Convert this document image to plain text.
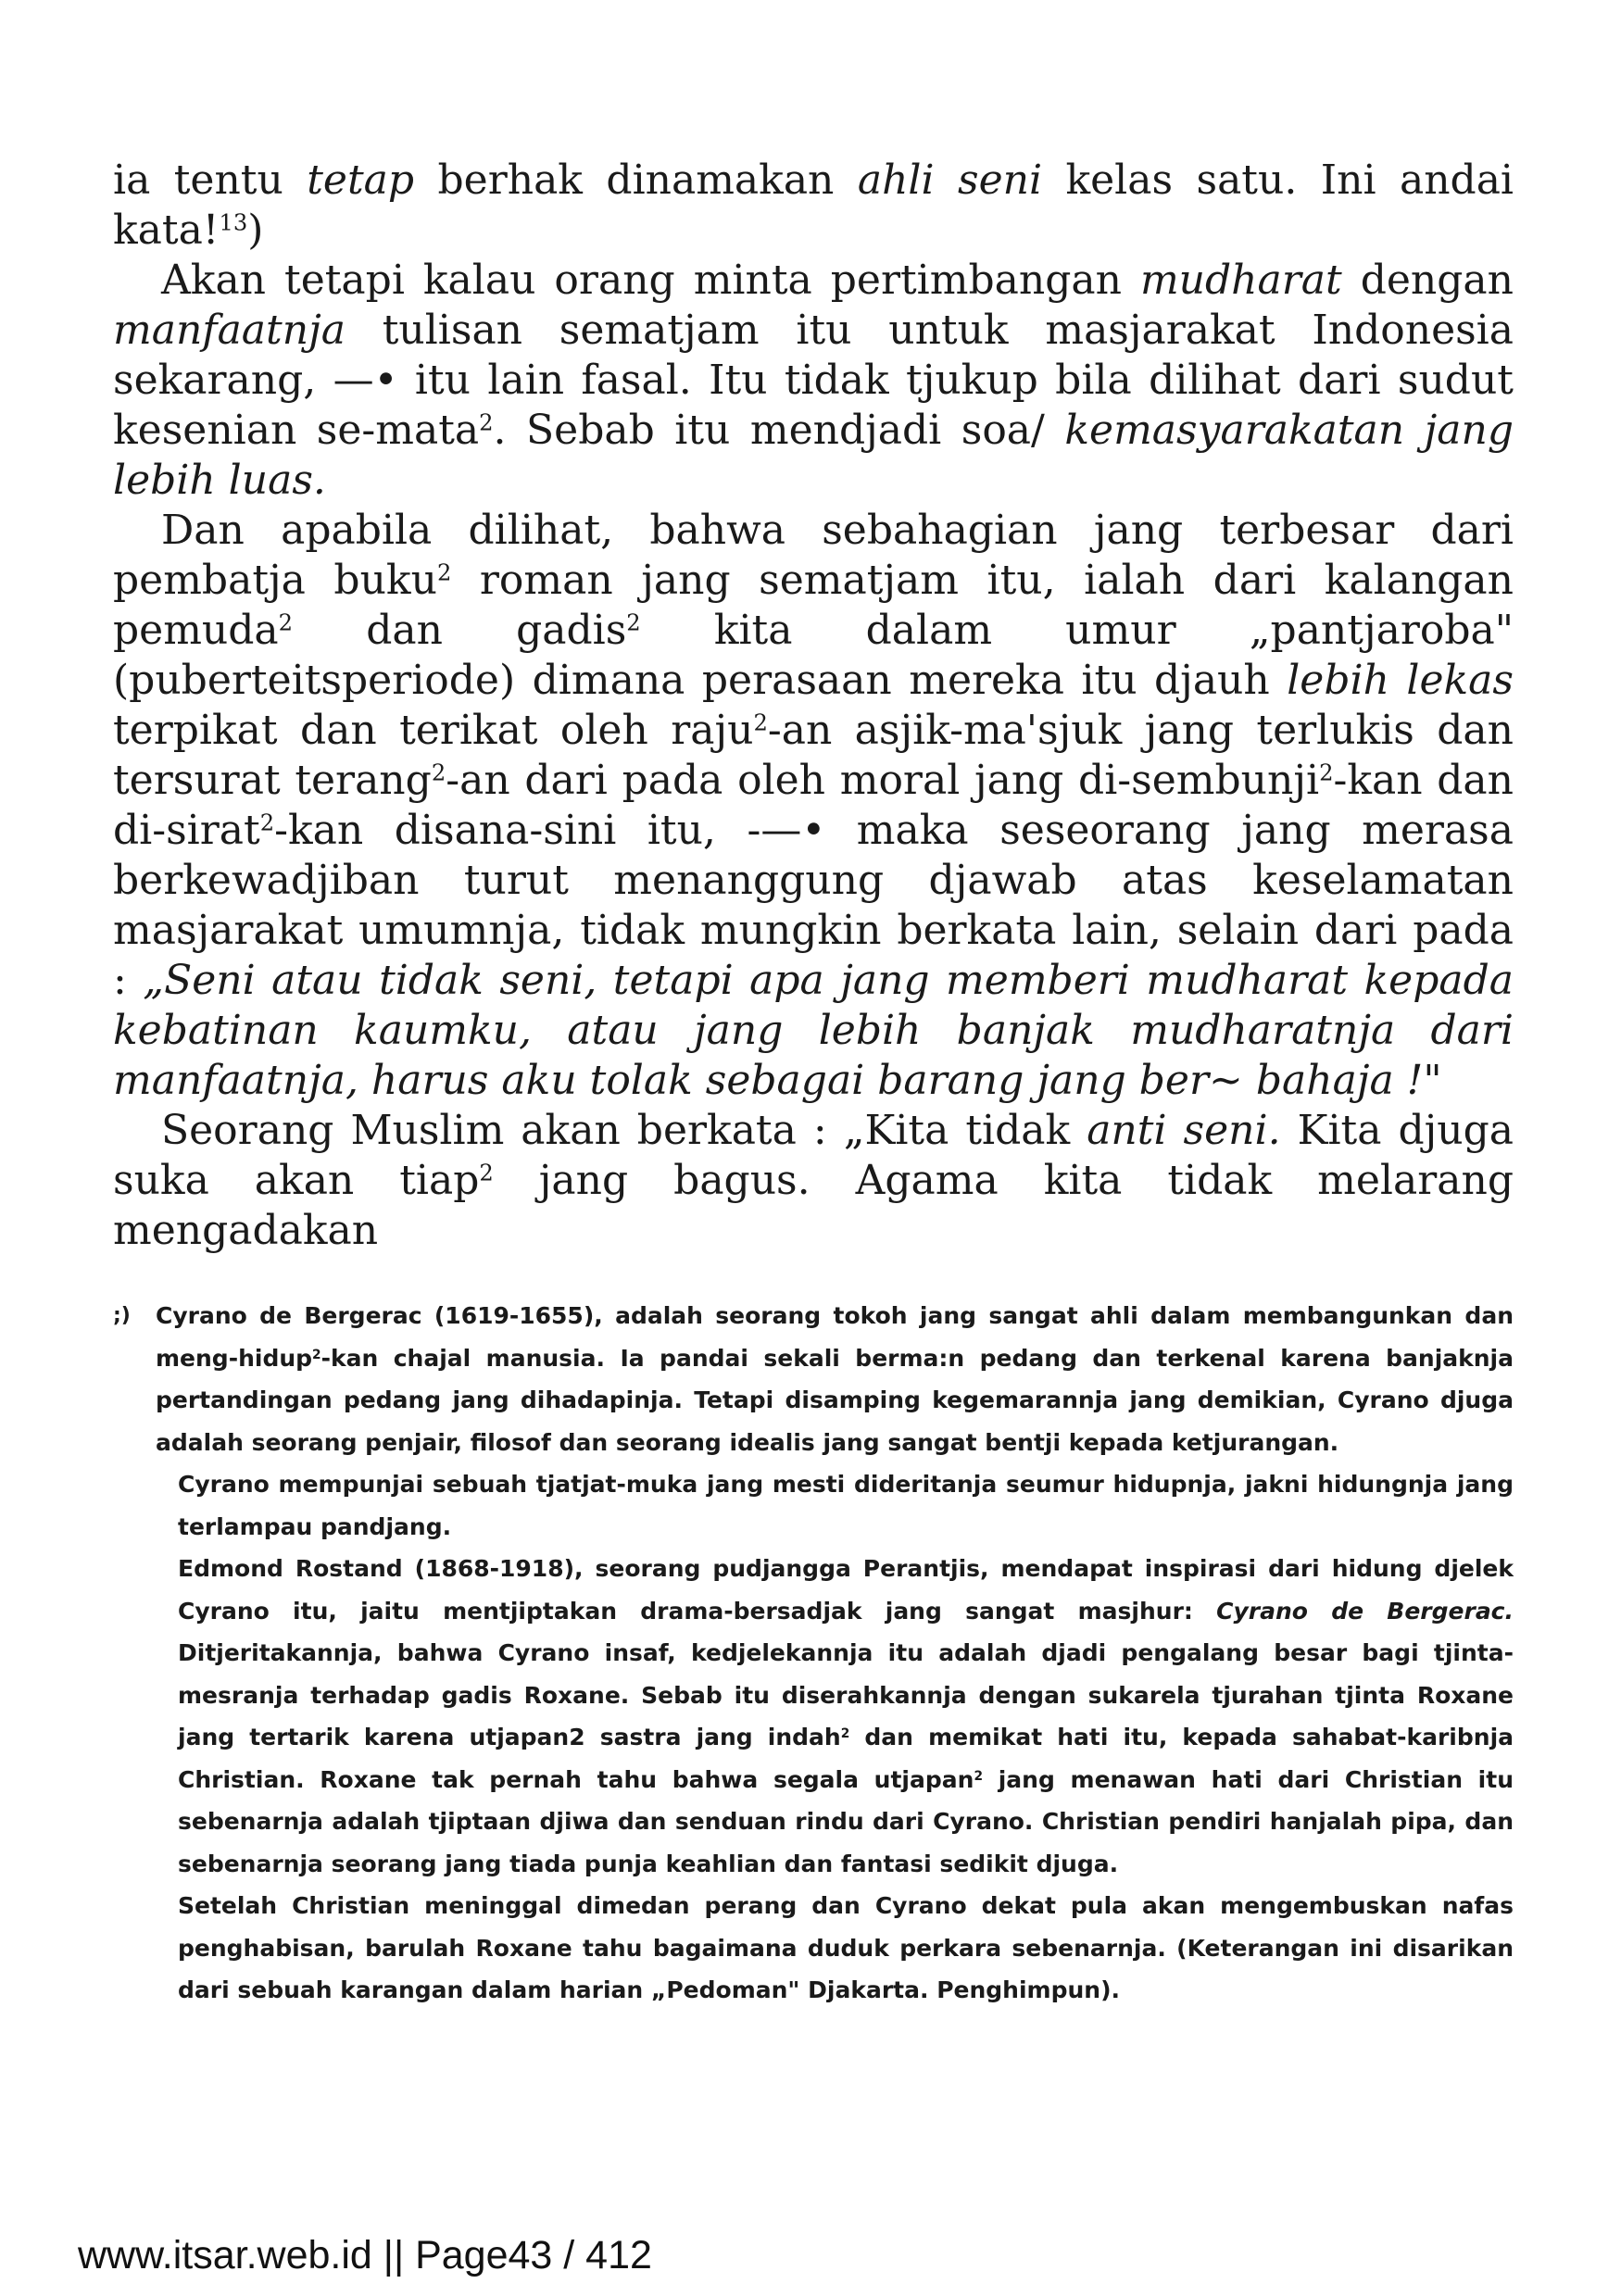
ia tentu tetap berhak dinamakan ahli seni kelas satu. Ini andai kata!$^{13}$)

Akan tetapi kalau orang minta pertimbangan mudharat dengan manfaatnja tulisan sematjam itu untuk masjarakat Indonesia sekarang, —• itu lain fasal. Itu tidak tjukup bila dilihat dari sudut kesenian se-mata$^2$. Sebab itu mendjadi soa/ kemasyarakatan jang lebih luas.

Dan apabila dilihat, bahwa sebahagian jang terbesar dari pembatja buku$^2$ roman jang sematjam itu, ialah dari kalangan pemuda$^2$ dan gadis$^2$ kita dalam umur „pantjaroba" (puberteitsperiode) dimana perasaan mereka itu djauh lebih lekas terpikat dan terikat oleh raju$^2$-an asjik-ma'sjuk jang terlukis dan tersurat terang$^2$-an dari pada oleh moral jang di-sembunji$^2$-kan dan di-sirat$^2$-kan disana-sini itu, -—• maka seseorang jang merasa berkewadjiban turut menanggung djawab atas keselamatan masjarakat umumnja, tidak mungkin berkata lain, selain dari pada : „Seni atau tidak seni, tetapi apa jang memberi mudharat kepada kebatinan kaumku, atau jang lebih banjak mudharatnja dari manfaatnja, harus aku tolak sebagai barang jang ber~ bahaja !"

Seorang Muslim akan berkata : „Kita tidak anti seni. Kita djuga suka akan tiap$^2$ jang bagus. Agama kita tidak melarang mengadakan

;) Cyrano de Bergerac (1619-1655), adalah seorang tokoh jang sangat ahli dalam membangunkan dan meng-hidup$^2$-kan chajal manusia. Ia pandai sekali berma:n pedang dan terkenal karena banjaknja pertandingan pedang jang dihadapinja. Tetapi disamping kegemarannja jang demikian, Cyrano djuga adalah seorang penjair, filosof dan seorang idealis jang sangat bentji kepada ketjurangan.

Cyrano mempunjai sebuah tjatjat-muka jang mesti dideritanja seumur hidupnja, jakni hidungnja jang terlampau pandjang.

Edmond Rostand (1868-1918), seorang pudjangga Perantjis, mendapat inspirasi dari hidung djelek Cyrano itu, jaitu mentjiptakan drama-bersadjak jang sangat masjhur: Cyrano de Bergerac. Ditjeritakannja, bahwa Cyrano insaf, kedjelekannja itu adalah djadi pengalang besar bagi tjinta-mesranja terhadap gadis Roxane. Sebab itu diserahkannja dengan sukarela tjurahan tjinta Roxane jang tertarik karena utjapan2 sastra jang indah$^2$ dan memikat hati itu, kepada sahabat-karibnja Christian. Roxane tak pernah tahu bahwa segala utjapan$^2$ jang menawan hati dari Christian itu sebenarnja adalah tjiptaan djiwa dan senduan rindu dari Cyrano. Christian pendiri hanjalah pipa, dan sebenarnja seorang jang tiada punja keahlian dan fantasi sedikit djuga.

Setelah Christian meninggal dimedan perang dan Cyrano dekat pula akan mengembuskan nafas penghabisan, barulah Roxane tahu bagaimana duduk perkara sebenarnja. (Keterangan ini disarikan dari sebuah karangan dalam harian „Pedoman" Djakarta. Penghimpun).

www.itsar.web.id || Page43 / 412
